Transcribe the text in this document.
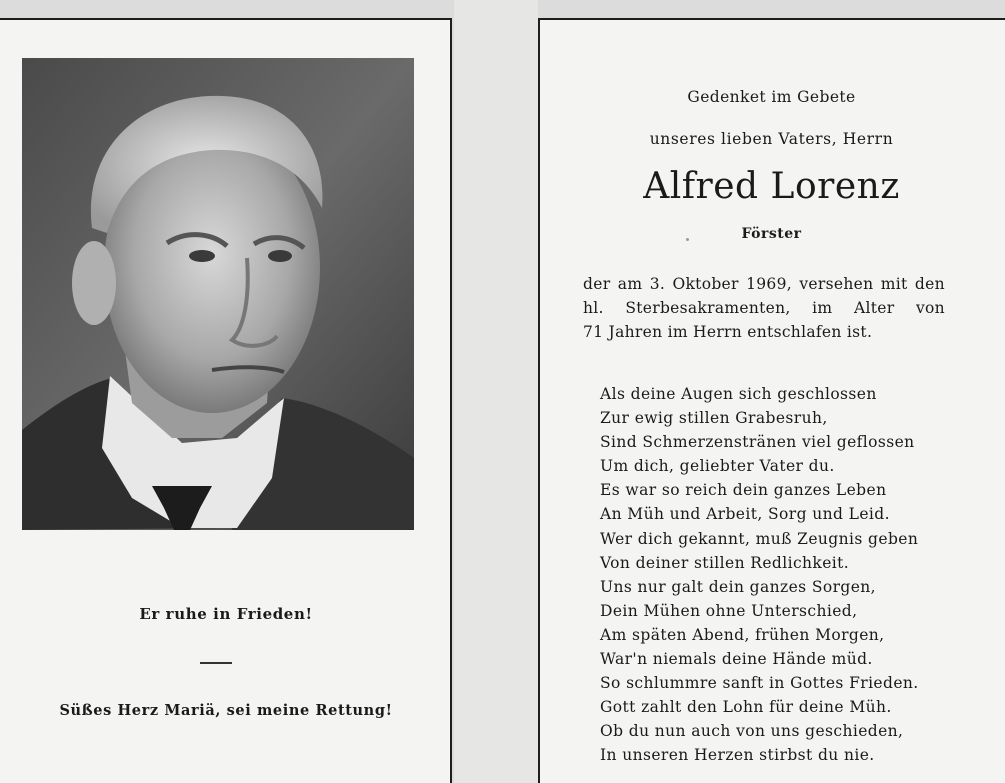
Er ruhe in Frieden!
Süßes Herz Mariä, sei meine Rettung!
Gedenket im Gebete
unseres lieben Vaters, Herrn
Alfred Lorenz
Förster
der am 3. Oktober 1969, versehen mit den
hl. Sterbesakramenten, im Alter von
71 Jahren im Herrn entschlafen ist.
Als deine Augen sich geschlossen
Zur ewig stillen Grabesruh,
Sind Schmerzenstränen viel geflossen
Um dich, geliebter Vater du.
Es war so reich dein ganzes Leben
An Müh und Arbeit, Sorg und Leid.
Wer dich gekannt, muß Zeugnis geben
Von deiner stillen Redlichkeit.
Uns nur galt dein ganzes Sorgen,
Dein Mühen ohne Unterschied,
Am späten Abend, frühen Morgen,
War'n niemals deine Hände müd.
So schlummre sanft in Gottes Frieden.
Gott zahlt den Lohn für deine Müh.
Ob du nun auch von uns geschieden,
In unseren Herzen stirbst du nie.
